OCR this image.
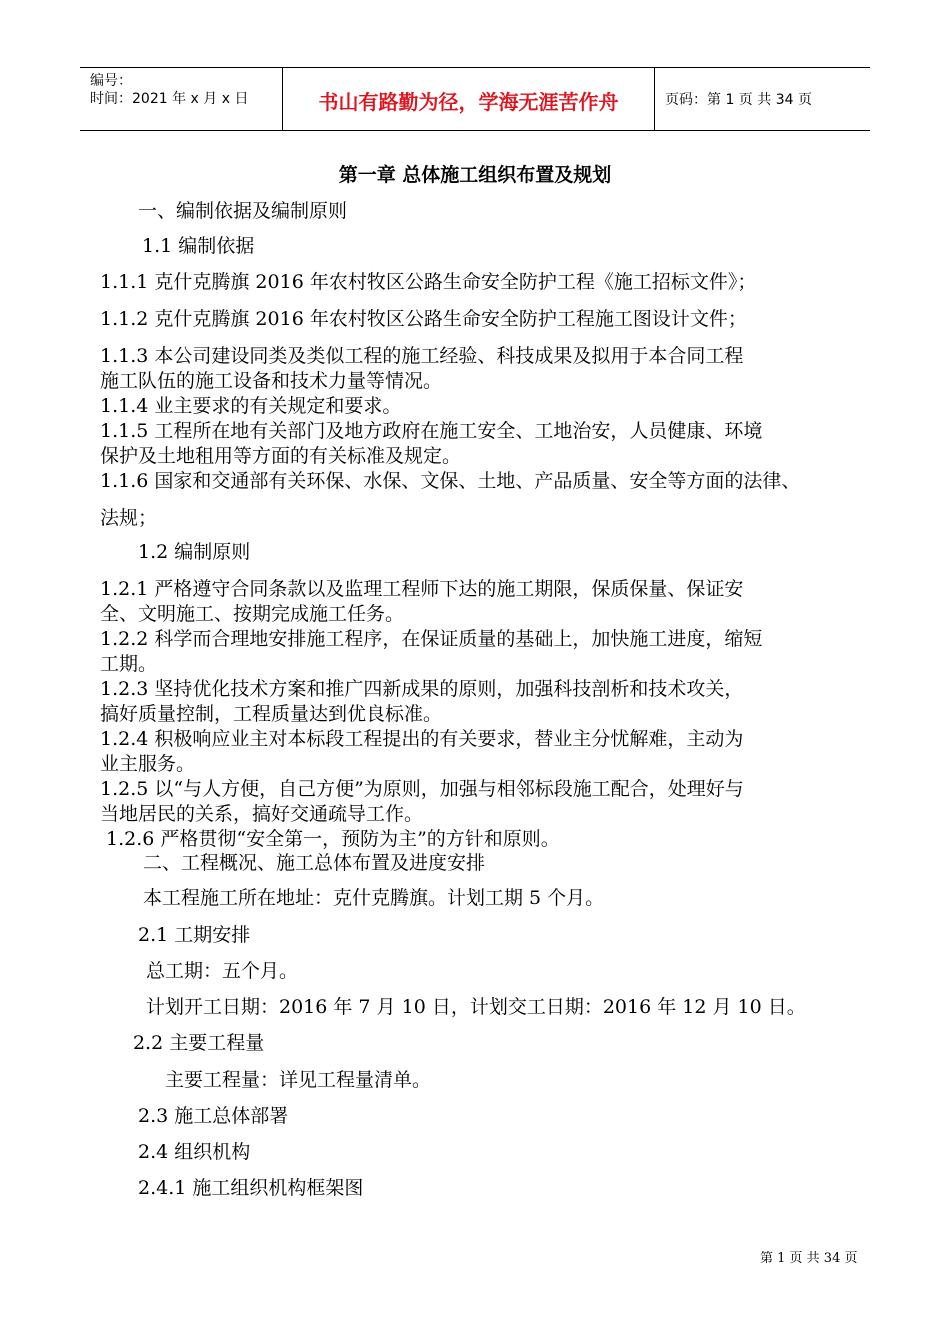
编号：
时间：2021 年 x 月 x 日	书山有路勤为径，学海无涯苦作舟	页码：第 1 页 共 34 页
第一章 总体施工组织布置及规划
一、编制依据及编制原则
1.1 编制依据
1.1.1 克什克腾旗 2016 年农村牧区公路生命安全防护工程《施工招标文件》；
1.1.2 克什克腾旗 2016 年农村牧区公路生命安全防护工程施工图设计文件；
1.1.3 本公司建设同类及类似工程的施工经验、科技成果及拟用于本合同工程
施工队伍的施工设备和技术力量等情况。
1.1.4 业主要求的有关规定和要求。
1.1.5 工程所在地有关部门及地方政府在施工安全、工地治安，人员健康、环境
保护及土地租用等方面的有关标准及规定。
1.1.6 国家和交通部有关环保、水保、文保、土地、产品质量、安全等方面的法律、
法规；
1.2 编制原则
1.2.1 严格遵守合同条款以及监理工程师下达的施工期限，保质保量、保证安
全、文明施工、按期完成施工任务。
1.2.2 科学而合理地安排施工程序，在保证质量的基础上，加快施工进度，缩短
工期。
1.2.3 坚持优化技术方案和推广四新成果的原则，加强科技剖析和技术攻关，
搞好质量控制，工程质量达到优良标准。
1.2.4 积极响应业主对本标段工程提出的有关要求，替业主分忧解难，主动为
业主服务。
1.2.5 以“与人方便，自己方便”为原则，加强与相邻标段施工配合，处理好与
当地居民的关系，搞好交通疏导工作。
1.2.6 严格贯彻“安全第一，预防为主”的方针和原则。
二、工程概况、施工总体布置及进度安排
本工程施工所在地址：克什克腾旗。计划工期 5 个月。
2.1 工期安排
总工期：五个月。
计划开工日期：2016 年 7 月 10 日，计划交工日期：2016 年 12 月 10 日。
2.2 主要工程量
主要工程量：详见工程量清单。
2.3 施工总体部署
2.4 组织机构
2.4.1 施工组织机构框架图
第 1 页 共 34 页
